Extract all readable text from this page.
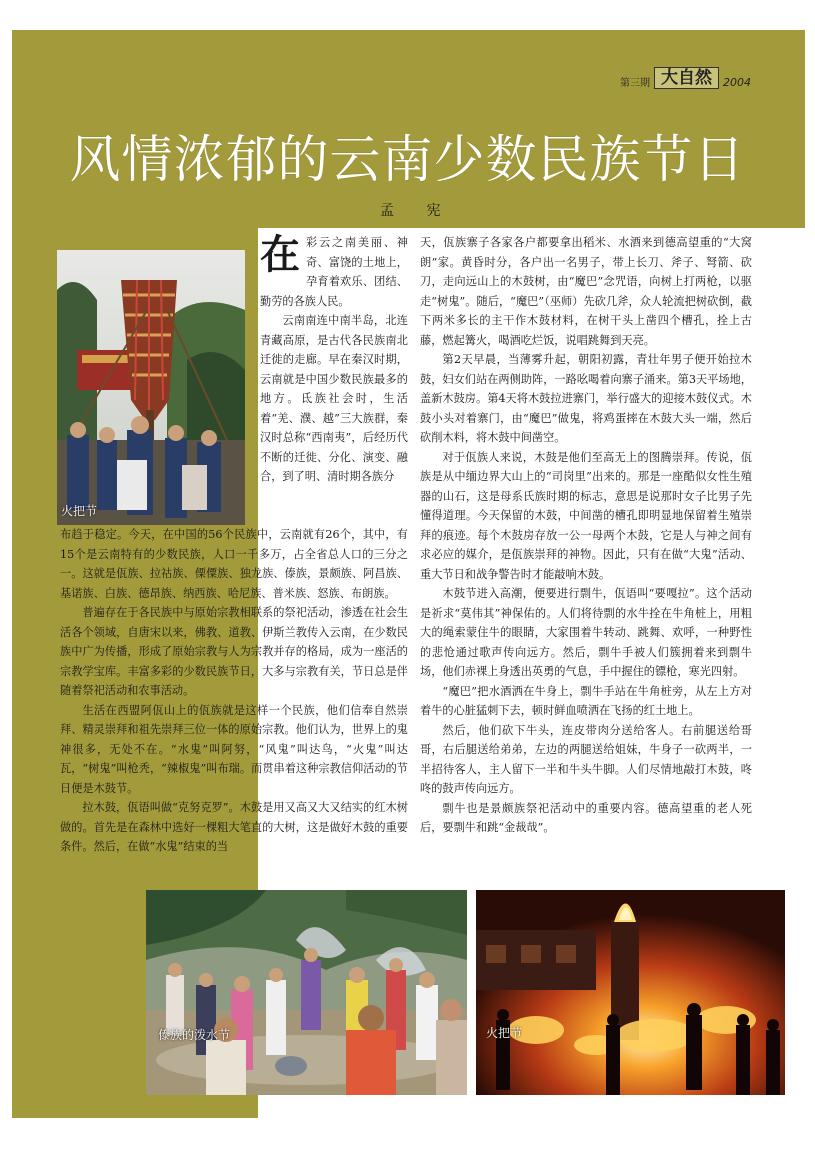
第三期 大自然	2004
风情浓郁的云南少数民族节日
孟 宪
火把节

在彩云之南美丽、神奇、富饶的土地上，孕育着欢乐、团结、勤劳的各族人民。

云南南连中南半岛，北连青藏高原，是古代各民族南北迁徙的走廊。早在秦汉时期，云南就是中国少数民族最多的地方。氐族社会时，生活着“羌、濮、越”三大族群，秦汉时总称“西南夷”，后经历代不断的迁徙、分化、演变、融合，到了明、清时期各族分

布趋于稳定。今天，在中国的56个民族中，云南就有26个，其中，有15个是云南特有的少数民族，人口一千多万，占全省总人口的三分之一。这就是佤族、拉祜族、傈僳族、独龙族、傣族，景颇族、阿昌族、基诺族、白族、德昂族、纳西族、哈尼族、普米族、怒族、布朗族。

普遍存在于各民族中与原始宗教相联系的祭祀活动，渗透在社会生活各个领域，自唐宋以来，佛教、道教、伊斯兰教传入云南，在少数民族中广为传播，形成了原始宗教与人为宗教并存的格局，成为一座活的宗教学宝库。丰富多彩的少数民族节日，大多与宗教有关，节日总是伴随着祭祀活动和农事活动。

生活在西盟阿佤山上的佤族就是这样一个民族，他们信奉自然崇拜、精灵崇拜和祖先崇拜三位一体的原始宗教。他们认为，世界上的鬼神很多，无处不在。“水鬼”叫阿努，“风鬼”叫达鸟，“火鬼”叫达瓦，“树鬼”叫枪秃，“辣椒鬼”叫布瑞。而贯串着这种宗教信仰活动的节日便是木鼓节。

拉木鼓，佤语叫做“克努克罗”。木鼓是用又高又大又结实的红木树做的。首先是在森林中选好一棵粗大笔直的大树，这是做好木鼓的重要条件。然后，在做“水鬼”结束的当

天，佤族寨子各家各户都要拿出稻米、水酒来到德高望重的“大窝朗”家。黄昏时分，各户出一名男子，带上长刀、斧子、弩箭、砍刀，走向远山上的木鼓树，由“魔巴”念咒语，向树上打两枪，以驱走“树鬼”。随后，“魔巴”（巫师）先砍几斧，众人轮流把树砍倒，截下两米多长的主干作木鼓材料，在树干头上凿四个槽孔，拴上古藤，燃起篝火，喝酒吃烂饭，说唱跳舞到天亮。

第2天早晨，当薄雾升起，朝阳初露，青壮年男子便开始拉木鼓，妇女们站在两侧助阵，一路吆喝着向寨子涌来。第3天平场地，盖新木鼓房。第4天将木鼓拉进寨门，举行盛大的迎接木鼓仪式。木鼓小头对着寨门，由“魔巴”做鬼，将鸡蛋摔在木鼓大头一端，然后砍削木料，将木鼓中间凿空。

对于佤族人来说，木鼓是他们至高无上的图腾崇拜。传说，佤族是从中缅边界大山上的“司岗里”出来的。那是一座酷似女性生殖器的山石，这是母系氏族时期的标志，意思是说那时女子比男子先懂得道理。今天保留的木鼓，中间凿的槽孔即明显地保留着生殖崇拜的痕迹。每个木鼓房存放一公一母两个木鼓，它是人与神之间有求必应的媒介，是佤族崇拜的神物。因此，只有在做“大鬼”活动、重大节日和战争警告时才能敲响木鼓。

木鼓节进入高潮，便要进行剽牛，佤语叫“要嘎拉”。这个活动是祈求“莫伟其”神保佑的。人们将待剽的水牛拴在牛角桩上，用粗大的绳索蒙住牛的眼睛，大家围着牛转动、跳舞、欢呼，一种野性的悲怆通过歌声传向远方。然后，剽牛手被人们簇拥着来到剽牛场，他们赤裸上身透出英勇的气息，手中握住的镖枪，寒光四射。

“魔巴”把水酒洒在牛身上，剽牛手站在牛角桩旁，从左上方对着牛的心脏猛刺下去，顿时鲜血喷洒在飞扬的红土地上。

然后，他们砍下牛头，连皮带肉分送给客人。右前腿送给哥哥，右后腿送给弟弟，左边的两腿送给姐妹，牛身子一砍两半，一半招待客人，主人留下一半和牛头牛脚。人们尽情地敲打木鼓，咚咚的鼓声传向远方。

剽牛也是景颇族祭祀活动中的重要内容。德高望重的老人死后，要剽牛和跳“金裁哉”。

傣族的泼水节	火把节
